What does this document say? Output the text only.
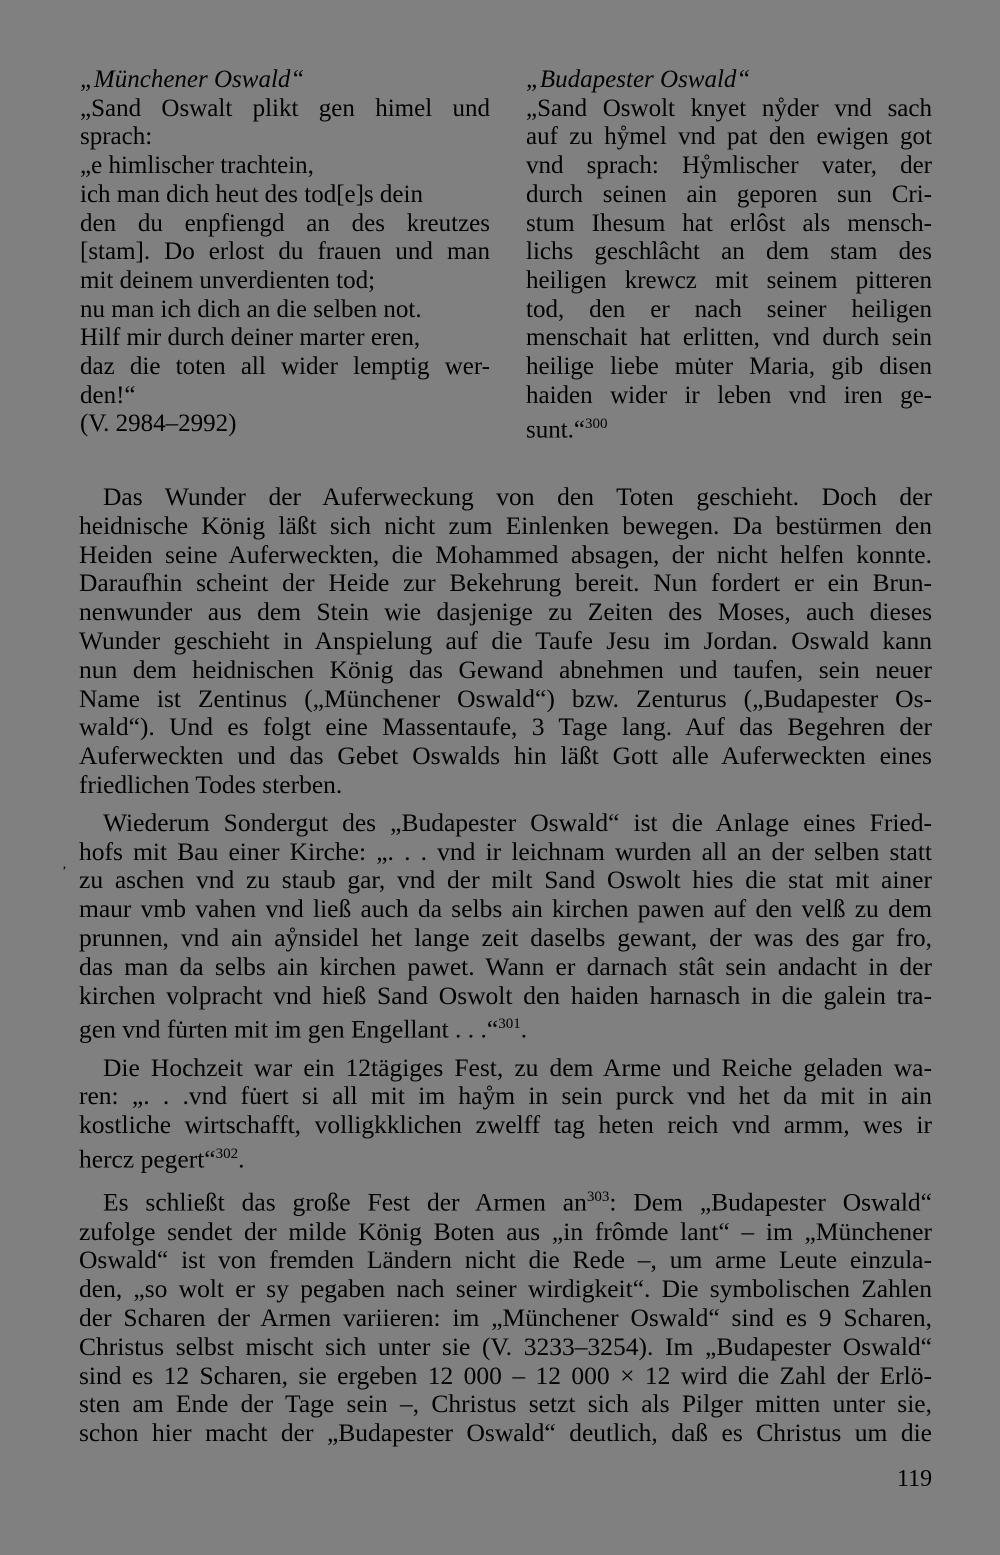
„Münchener Oswald“
„Sand Oswalt plikt gen himel und
sprach:
„e himlischer trachtein,
ich man dich heut des tod[e]s dein
den du enpfiengd an des kreutzes
[stam]. Do erlost du frauen und man
mit deinem unverdienten tod;
nu man ich dich an die selben not.
Hilf mir durch deiner marter eren,
daz die toten all wider lemptig wer-
den!“
(V. 2984–2992)
„Budapester Oswald“
„Sand Oswolt knyet nẙder vnd sach
auf zu hẙmel vnd pat den ewigen got
vnd sprach: Hẙmlischer vater, der
durch seinen ain geporen sun Cri-
stum Ihesum hat erlôst als mensch-
lichs geschlâcht an dem stam des
heiligen krewcz mit seinem pitteren
tod, den er nach seiner heiligen
menschait hat erlitten, vnd durch sein
heilige liebe mu̇ter Maria, gib disen
haiden wider ir leben vnd iren ge-
sunt.“$^{300}$
Das Wunder der Auferweckung von den Toten geschieht. Doch der
heidnische König läßt sich nicht zum Einlenken bewegen. Da bestürmen den
Heiden seine Auferweckten, die Mohammed absagen, der nicht helfen konnte.
Daraufhin scheint der Heide zur Bekehrung bereit. Nun fordert er ein Brun-
nenwunder aus dem Stein wie dasjenige zu Zeiten des Moses, auch dieses
Wunder geschieht in Anspielung auf die Taufe Jesu im Jordan. Oswald kann
nun dem heidnischen König das Gewand abnehmen und taufen, sein neuer
Name ist Zentinus („Münchener Oswald“) bzw. Zenturus („Budapester Os-
wald“). Und es folgt eine Massentaufe, 3 Tage lang. Auf das Begehren der
Auferweckten und das Gebet Oswalds hin läßt Gott alle Auferweckten eines
friedlichen Todes sterben.
Wiederum Sondergut des „Budapester Oswald“ ist die Anlage eines Fried-
hofs mit Bau einer Kirche: „. . . vnd ir leichnam wurden all an der selben statt
zu aschen vnd zu staub gar, vnd der milt Sand Oswolt hies die stat mit ainer
maur vmb vahen vnd ließ auch da selbs ain kirchen pawen auf den velß zu dem
prunnen, vnd ain aẙnsidel het lange zeit daselbs gewant, der was des gar fro,
das man da selbs ain kirchen pawet. Wann er darnach stât sein andacht in der
kirchen volpracht vnd hieß Sand Oswolt den haiden harnasch in die galein tra-
gen vnd fu̇rten mit im gen Engellant . . .“$^{301}$.
Die Hochzeit war ein 12tägiges Fest, zu dem Arme und Reiche geladen wa-
ren: „. . .vnd fu̇ert si all mit im haẙm in sein purck vnd het da mit in ain
kostliche wirtschafft, volligkklichen zwelff tag heten reich vnd armm, wes ir
hercz pegert“$^{302}$.
Es schließt das große Fest der Armen $an^{303}$: Dem „Budapester Oswald“
zufolge sendet der milde König Boten aus „in frômde lant“ – im „Münchener
Oswald“ ist von fremden Ländern nicht die Rede –, um arme Leute einzula-
den, „so wolt er sy pegaben nach seiner wirdigkeit“. Die symbolischen Zahlen
der Scharen der Armen variieren: im „Münchener Oswald“ sind es 9 Scharen,
Christus selbst mischt sich unter sie (V. 3233–3254). Im „Budapester Oswald“
sind es 12 Scharen, sie ergeben 12 000 – 12 000 × 12 wird die Zahl der Erlö-
sten am Ende der Tage sein –, Christus setzt sich als Pilger mitten unter sie,
schon hier macht der „Budapester Oswald“ deutlich, daß es Christus um die
‚
119
